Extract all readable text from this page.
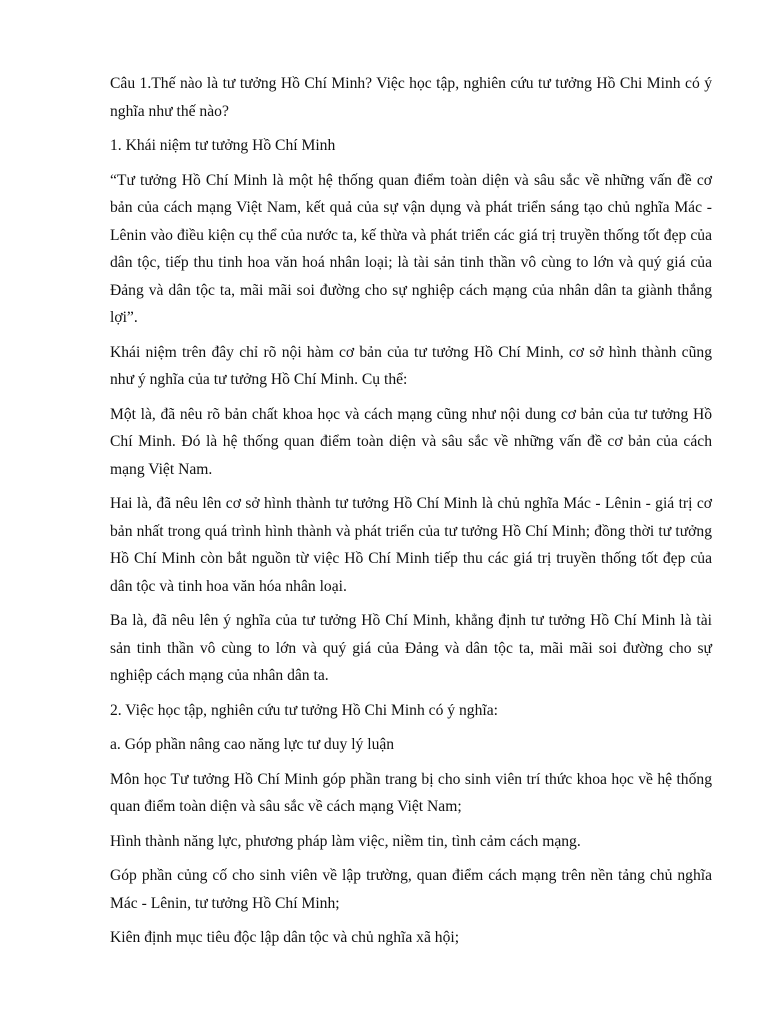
Câu 1.Thế nào là tư tưởng Hồ Chí Minh? Việc học tập, nghiên cứu tư tưởng Hồ Chi Minh có ý nghĩa như thế nào?

1. Khái niệm tư tưởng Hồ Chí Minh

“Tư tưởng Hồ Chí Minh là một hệ thống quan điểm toàn diện và sâu sắc về những vấn đề cơ bản của cách mạng Việt Nam, kết quả của sự vận dụng và phát triển sáng tạo chủ nghĩa Mác - Lênin vào điều kiện cụ thể của nước ta, kế thừa và phát triển các giá trị truyền thống tốt đẹp của dân tộc, tiếp thu tinh hoa văn hoá nhân loại; là tài sản tinh thần vô cùng to lớn và quý giá của Đảng và dân tộc ta, mãi mãi soi đường cho sự nghiệp cách mạng của nhân dân ta giành thắng lợi”.

Khái niệm trên đây chỉ rõ nội hàm cơ bản của tư tưởng Hồ Chí Minh, cơ sở hình thành cũng như ý nghĩa của tư tưởng Hồ Chí Minh. Cụ thể:

Một là, đã nêu rõ bản chất khoa học và cách mạng cũng như nội dung cơ bản của tư tưởng Hồ Chí Minh. Đó là hệ thống quan điểm toàn diện và sâu sắc về những vấn đề cơ bản của cách mạng Việt Nam.

Hai là, đã nêu lên cơ sở hình thành tư tưởng Hồ Chí Minh là chủ nghĩa Mác - Lênin - giá trị cơ bản nhất trong quá trình hình thành và phát triển của tư tưởng Hồ Chí Minh; đồng thời tư tưởng Hồ Chí Minh còn bắt nguồn từ việc Hồ Chí Minh tiếp thu các giá trị truyền thống tốt đẹp của dân tộc và tinh hoa văn hóa nhân loại.

Ba là, đã nêu lên ý nghĩa của tư tưởng Hồ Chí Minh, khẳng định tư tưởng Hồ Chí Minh là tài sản tinh thần vô cùng to lớn và quý giá của Đảng và dân tộc ta, mãi mãi soi đường cho sự nghiệp cách mạng của nhân dân ta.

2. Việc học tập, nghiên cứu tư tưởng Hồ Chi Minh có ý nghĩa:

a. Góp phần nâng cao năng lực tư duy lý luận

Môn học Tư tưởng Hồ Chí Minh góp phần trang bị cho sinh viên trí thức khoa học về hệ thống quan điểm toàn diện và sâu sắc về cách mạng Việt Nam;

Hình thành năng lực, phương pháp làm việc, niềm tin, tình cảm cách mạng.

Góp phần củng cố cho sinh viên về lập trường, quan điểm cách mạng trên nền tảng chủ nghĩa Mác - Lênin, tư tưởng Hồ Chí Minh;

Kiên định mục tiêu độc lập dân tộc và chủ nghĩa xã hội;
